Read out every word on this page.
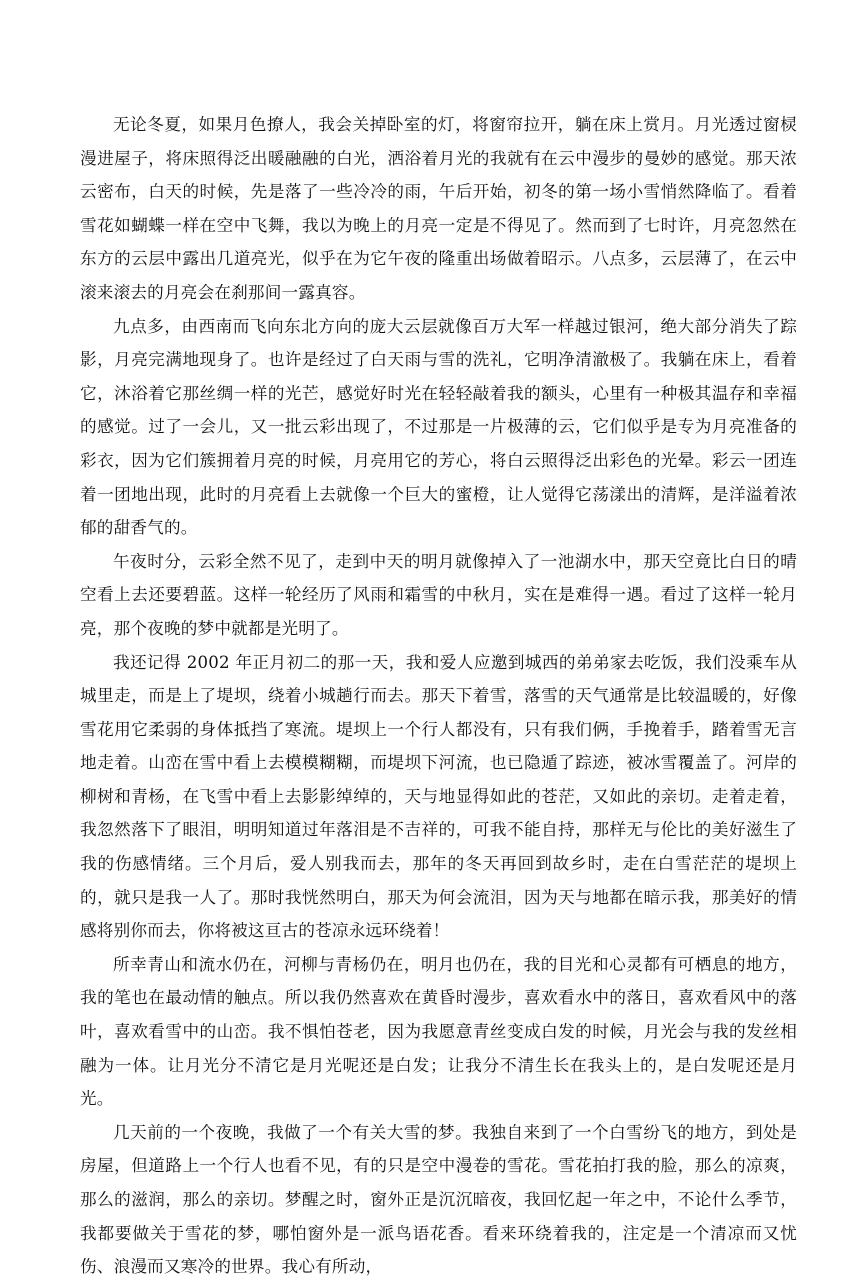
无论冬夏，如果月色撩人，我会关掉卧室的灯，将窗帘拉开，躺在床上赏月。月光透过窗棂漫进屋子，将床照得泛出暖融融的白光，洒浴着月光的我就有在云中漫步的曼妙的感觉。那天浓云密布，白天的时候，先是落了一些冷冷的雨，午后开始，初冬的第一场小雪悄然降临了。看着雪花如蝴蝶一样在空中飞舞，我以为晚上的月亮一定是不得见了。然而到了七时许，月亮忽然在东方的云层中露出几道亮光，似乎在为它午夜的隆重出场做着昭示。八点多，云层薄了，在云中滚来滚去的月亮会在刹那间一露真容。

九点多，由西南而飞向东北方向的庞大云层就像百万大军一样越过银河，绝大部分消失了踪影，月亮完满地现身了。也许是经过了白天雨与雪的洗礼，它明净清澈极了。我躺在床上，看着它，沐浴着它那丝绸一样的光芒，感觉好时光在轻轻敲着我的额头，心里有一种极其温存和幸福的感觉。过了一会儿，又一批云彩出现了，不过那是一片极薄的云，它们似乎是专为月亮准备的彩衣，因为它们簇拥着月亮的时候，月亮用它的芳心，将白云照得泛出彩色的光晕。彩云一团连着一团地出现，此时的月亮看上去就像一个巨大的蜜橙，让人觉得它荡漾出的清辉，是洋溢着浓郁的甜香气的。

午夜时分，云彩全然不见了，走到中天的明月就像掉入了一池湖水中，那天空竟比白日的晴空看上去还要碧蓝。这样一轮经历了风雨和霜雪的中秋月，实在是难得一遇。看过了这样一轮月亮，那个夜晚的梦中就都是光明了。

我还记得 2002 年正月初二的那一天，我和爱人应邀到城西的弟弟家去吃饭，我们没乘车从城里走，而是上了堤坝，绕着小城趟行而去。那天下着雪，落雪的天气通常是比较温暖的，好像雪花用它柔弱的身体抵挡了寒流。堤坝上一个行人都没有，只有我们俩，手挽着手，踏着雪无言地走着。山峦在雪中看上去模模糊糊，而堤坝下河流，也已隐遁了踪迹，被冰雪覆盖了。河岸的柳树和青杨，在飞雪中看上去影影绰绰的，天与地显得如此的苍茫，又如此的亲切。走着走着，我忽然落下了眼泪，明明知道过年落泪是不吉祥的，可我不能自持，那样无与伦比的美好滋生了我的伤感情绪。三个月后，爱人别我而去，那年的冬天再回到故乡时，走在白雪茫茫的堤坝上的，就只是我一人了。那时我恍然明白，那天为何会流泪，因为天与地都在暗示我，那美好的情感将别你而去，你将被这亘古的苍凉永远环绕着！

所幸青山和流水仍在，河柳与青杨仍在，明月也仍在，我的目光和心灵都有可栖息的地方，我的笔也在最动情的触点。所以我仍然喜欢在黄昏时漫步，喜欢看水中的落日，喜欢看风中的落叶，喜欢看雪中的山峦。我不惧怕苍老，因为我愿意青丝变成白发的时候，月光会与我的发丝相融为一体。让月光分不清它是月光呢还是白发；让我分不清生长在我头上的，是白发呢还是月光。

几天前的一个夜晚，我做了一个有关大雪的梦。我独自来到了一个白雪纷飞的地方，到处是房屋，但道路上一个行人也看不见，有的只是空中漫卷的雪花。雪花拍打我的脸，那么的凉爽，那么的滋润，那么的亲切。梦醒之时，窗外正是沉沉暗夜，我回忆起一年之中，不论什么季节，我都要做关于雪花的梦，哪怕窗外是一派鸟语花香。看来环绕着我的，注定是一个清凉而又忧伤、浪漫而又寒冷的世界。我心有所动，
